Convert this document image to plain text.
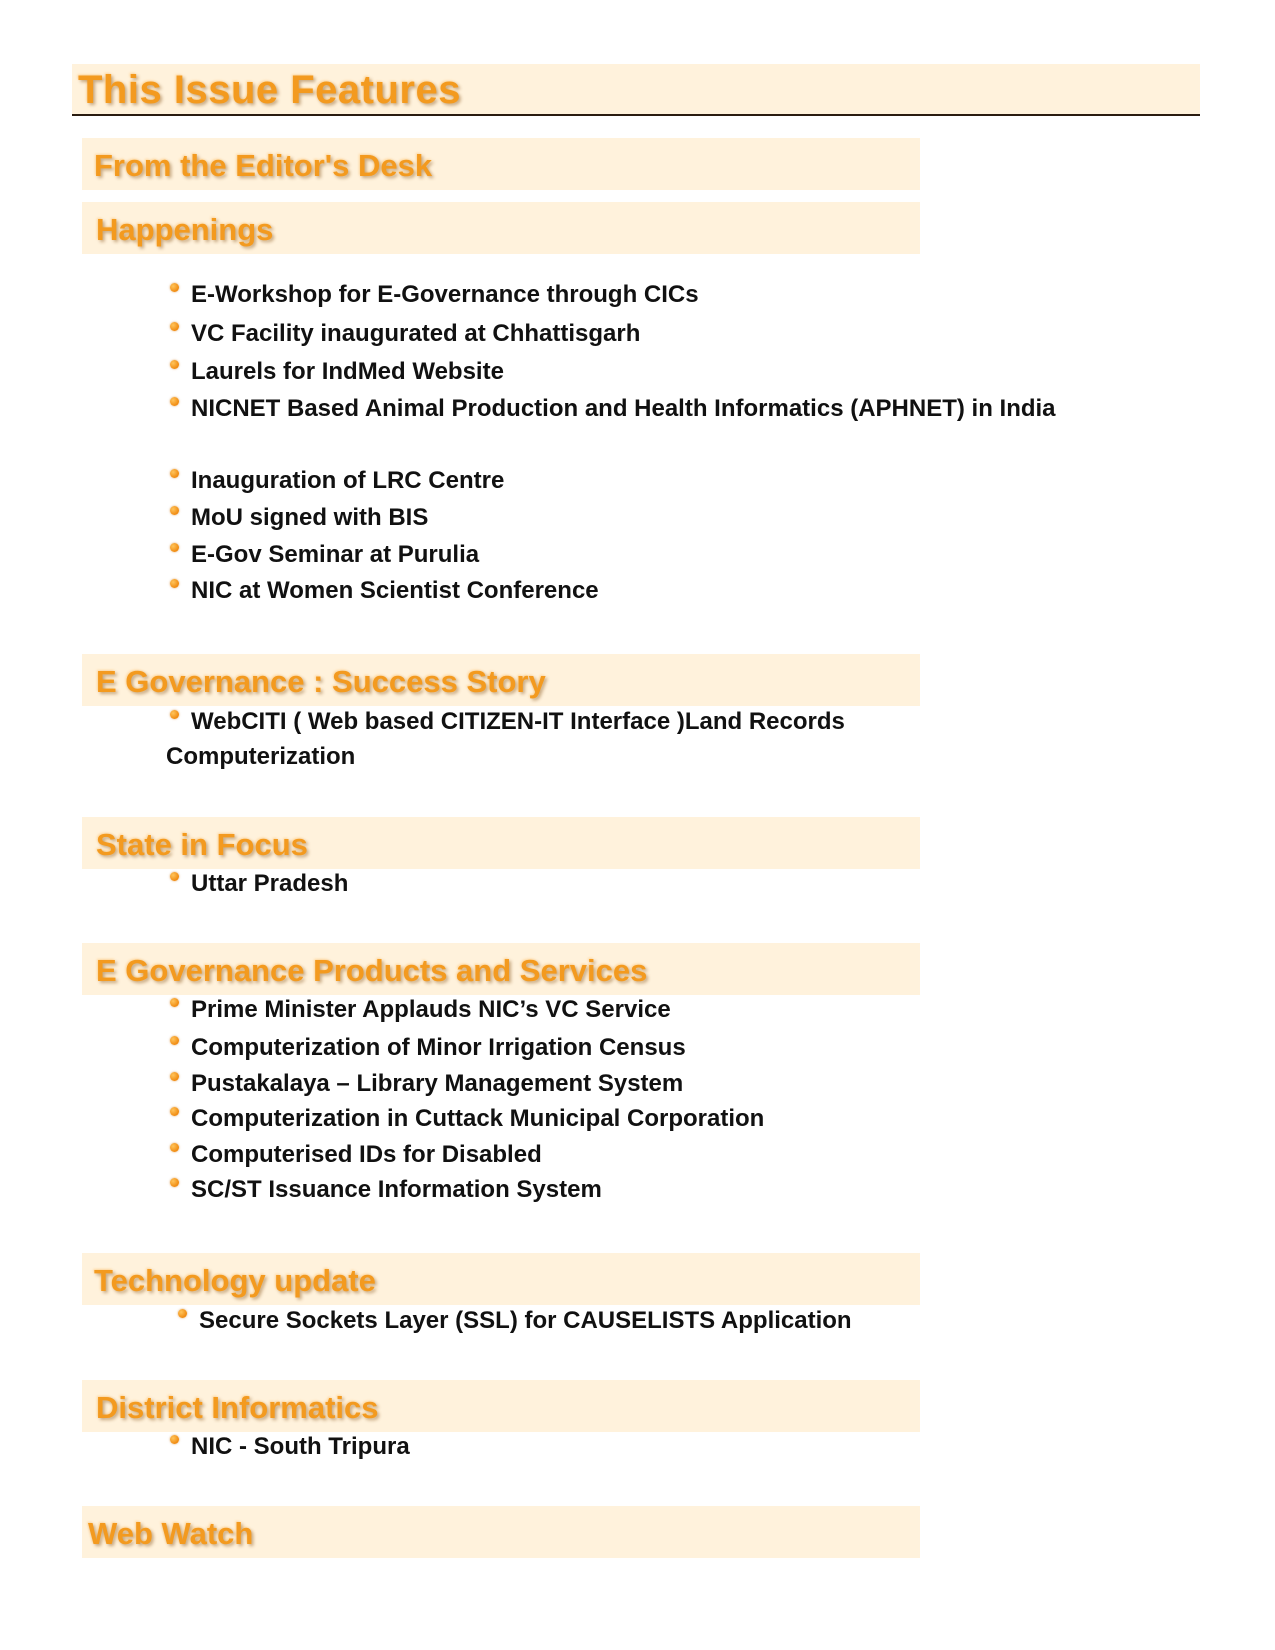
This Issue Features
From the Editor's Desk
Happenings
E-Workshop for E-Governance through CICs
VC Facility inaugurated at Chhattisgarh
Laurels for IndMed Website
NICNET Based Animal Production and Health Informatics (APHNET) in India
Inauguration of LRC Centre
MoU signed with BIS
E-Gov Seminar at Purulia
NIC at Women Scientist Conference
E Governance : Success Story
WebCITI ( Web based CITIZEN-IT Interface )Land Records Computerization
State in Focus
Uttar Pradesh
E Governance Products and Services
Prime Minister Applauds NIC’s VC Service
Computerization of Minor Irrigation Census
Pustakalaya – Library Management System
Computerization in Cuttack Municipal Corporation
Computerised IDs for Disabled
SC/ST Issuance Information System
Technology update
Secure Sockets Layer (SSL) for CAUSELISTS Application
District Informatics
NIC - South Tripura
Web Watch
